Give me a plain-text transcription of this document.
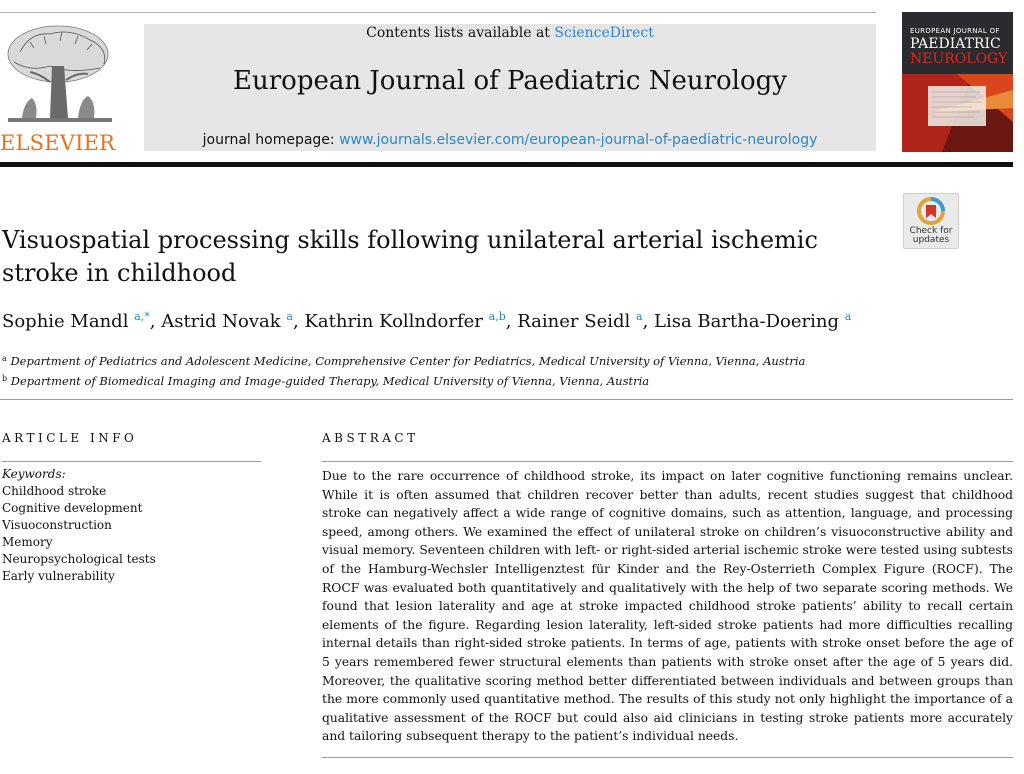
ELSEVIER
Contents lists available at ScienceDirect
European Journal of Paediatric Neurology
journal homepage: www.journals.elsevier.com/european-journal-of-paediatric-neurology
EUROPEAN JOURNAL OF
PAEDIATRIC
NEUROLOGY
Visuospatial processing skills following unilateral arterial ischemic stroke in childhood
Check for
updates
Sophie Mandl $^{a,*}$, Astrid Novak $^a$, Kathrin Kollndorfer $^{a,b}$, Rainer Seidl $^a$, Lisa Bartha-Doering $^a$
$^a$ Department of Pediatrics and Adolescent Medicine, Comprehensive Center for Pediatrics, Medical University of Vienna, Vienna, Austria
$^b$ Department of Biomedical Imaging and Image-guided Therapy, Medical University of Vienna, Vienna, Austria
ARTICLE INFO	ABSTRACT
Keywords:
Childhood stroke
Cognitive development
Visuoconstruction
Memory
Neuropsychological tests
Early vulnerability
Due to the rare occurrence of childhood stroke, its impact on later cognitive functioning remains unclear. While it is often assumed that children recover better than adults, recent studies suggest that childhood stroke can negatively affect a wide range of cognitive domains, such as attention, language, and processing speed, among others. We examined the effect of unilateral stroke on children’s visuoconstructive ability and visual memory. Seventeen children with left- or right-sided arterial ischemic stroke were tested using subtests of the Hamburg-Wechsler Intelligenztest für Kinder and the Rey-Osterrieth Complex Figure (ROCF). The ROCF was evaluated both quantitatively and qualitatively with the help of two separate scoring methods. We found that lesion laterality and age at stroke impacted childhood stroke patients’ ability to recall certain elements of the figure. Regarding lesion laterality, left-sided stroke patients had more difficulties recalling internal details than right-sided stroke patients. In terms of age, patients with stroke onset before the age of 5 years remembered fewer structural elements than patients with stroke onset after the age of 5 years did. Moreover, the qualitative scoring method better differentiated between individuals and between groups than the more commonly used quantitative method. The results of this study not only highlight the importance of a qualitative assessment of the ROCF but could also aid clinicians in testing stroke patients more accurately and tailoring subsequent therapy to the patient’s individual needs.
